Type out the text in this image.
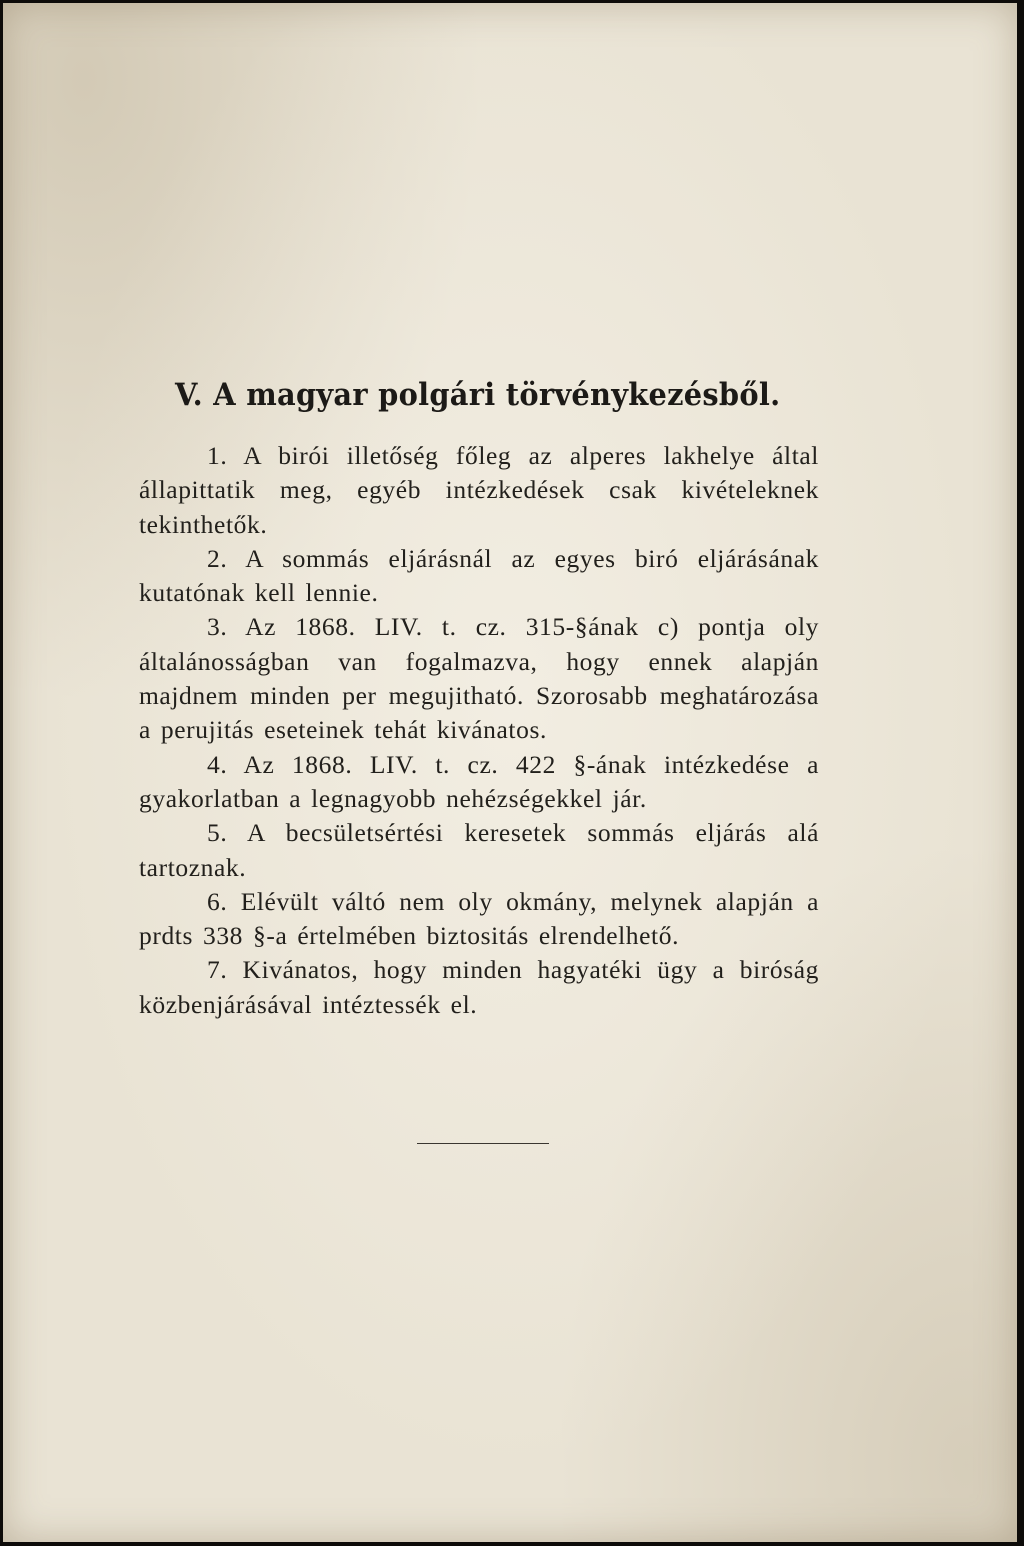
V. A magyar polgári törvénykezésből.

1. A birói illetőség főleg az alperes lakhelye által állapittatik meg, egyéb intézkedések csak kivételeknek tekinthetők.

2. A sommás eljárásnál az egyes biró eljárásának kutatónak kell lennie.

3. Az 1868. LIV. t. cz. 315-§ának c) pontja oly általánosságban van fogalmazva, hogy ennek alapján majdnem minden per megujitható. Szorosabb meghatározása a perujitás eseteinek tehát kivánatos.

4. Az 1868. LIV. t. cz. 422 §-ának intézkedése a gyakorlatban a legnagyobb nehézségekkel jár.

5. A becsületsértési keresetek sommás eljárás alá tartoznak.

6. Elévült váltó nem oly okmány, melynek alapján a prdts 338 §-a értelmében biztositás elrendelhető.

7. Kivánatos, hogy minden hagyatéki ügy a biróság közbenjárásával intéztessék el.
